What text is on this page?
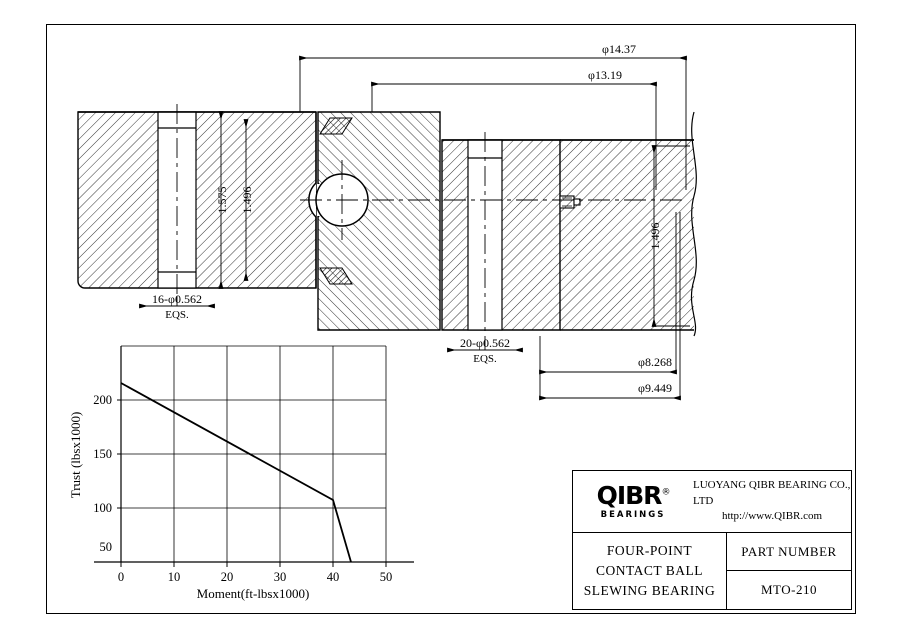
φ14.37
φ13.19
1.575 1.496
1.496
16-φ0.562
EQS.
20-φ0.562
EQS.	φ8.268
φ9.449
0	10	20	30	40	50
200
150
100
50
Moment(ft-lbsx1000)
Trust (lbsx1000)	QIBR®
BEARINGS
LUOYANG QIBR BEARING CO., LTD
http://www.QIBR.com
FOUR-POINT
CONTACT BALL
SLEWING BEARING
PART NUMBER
MTO-210
